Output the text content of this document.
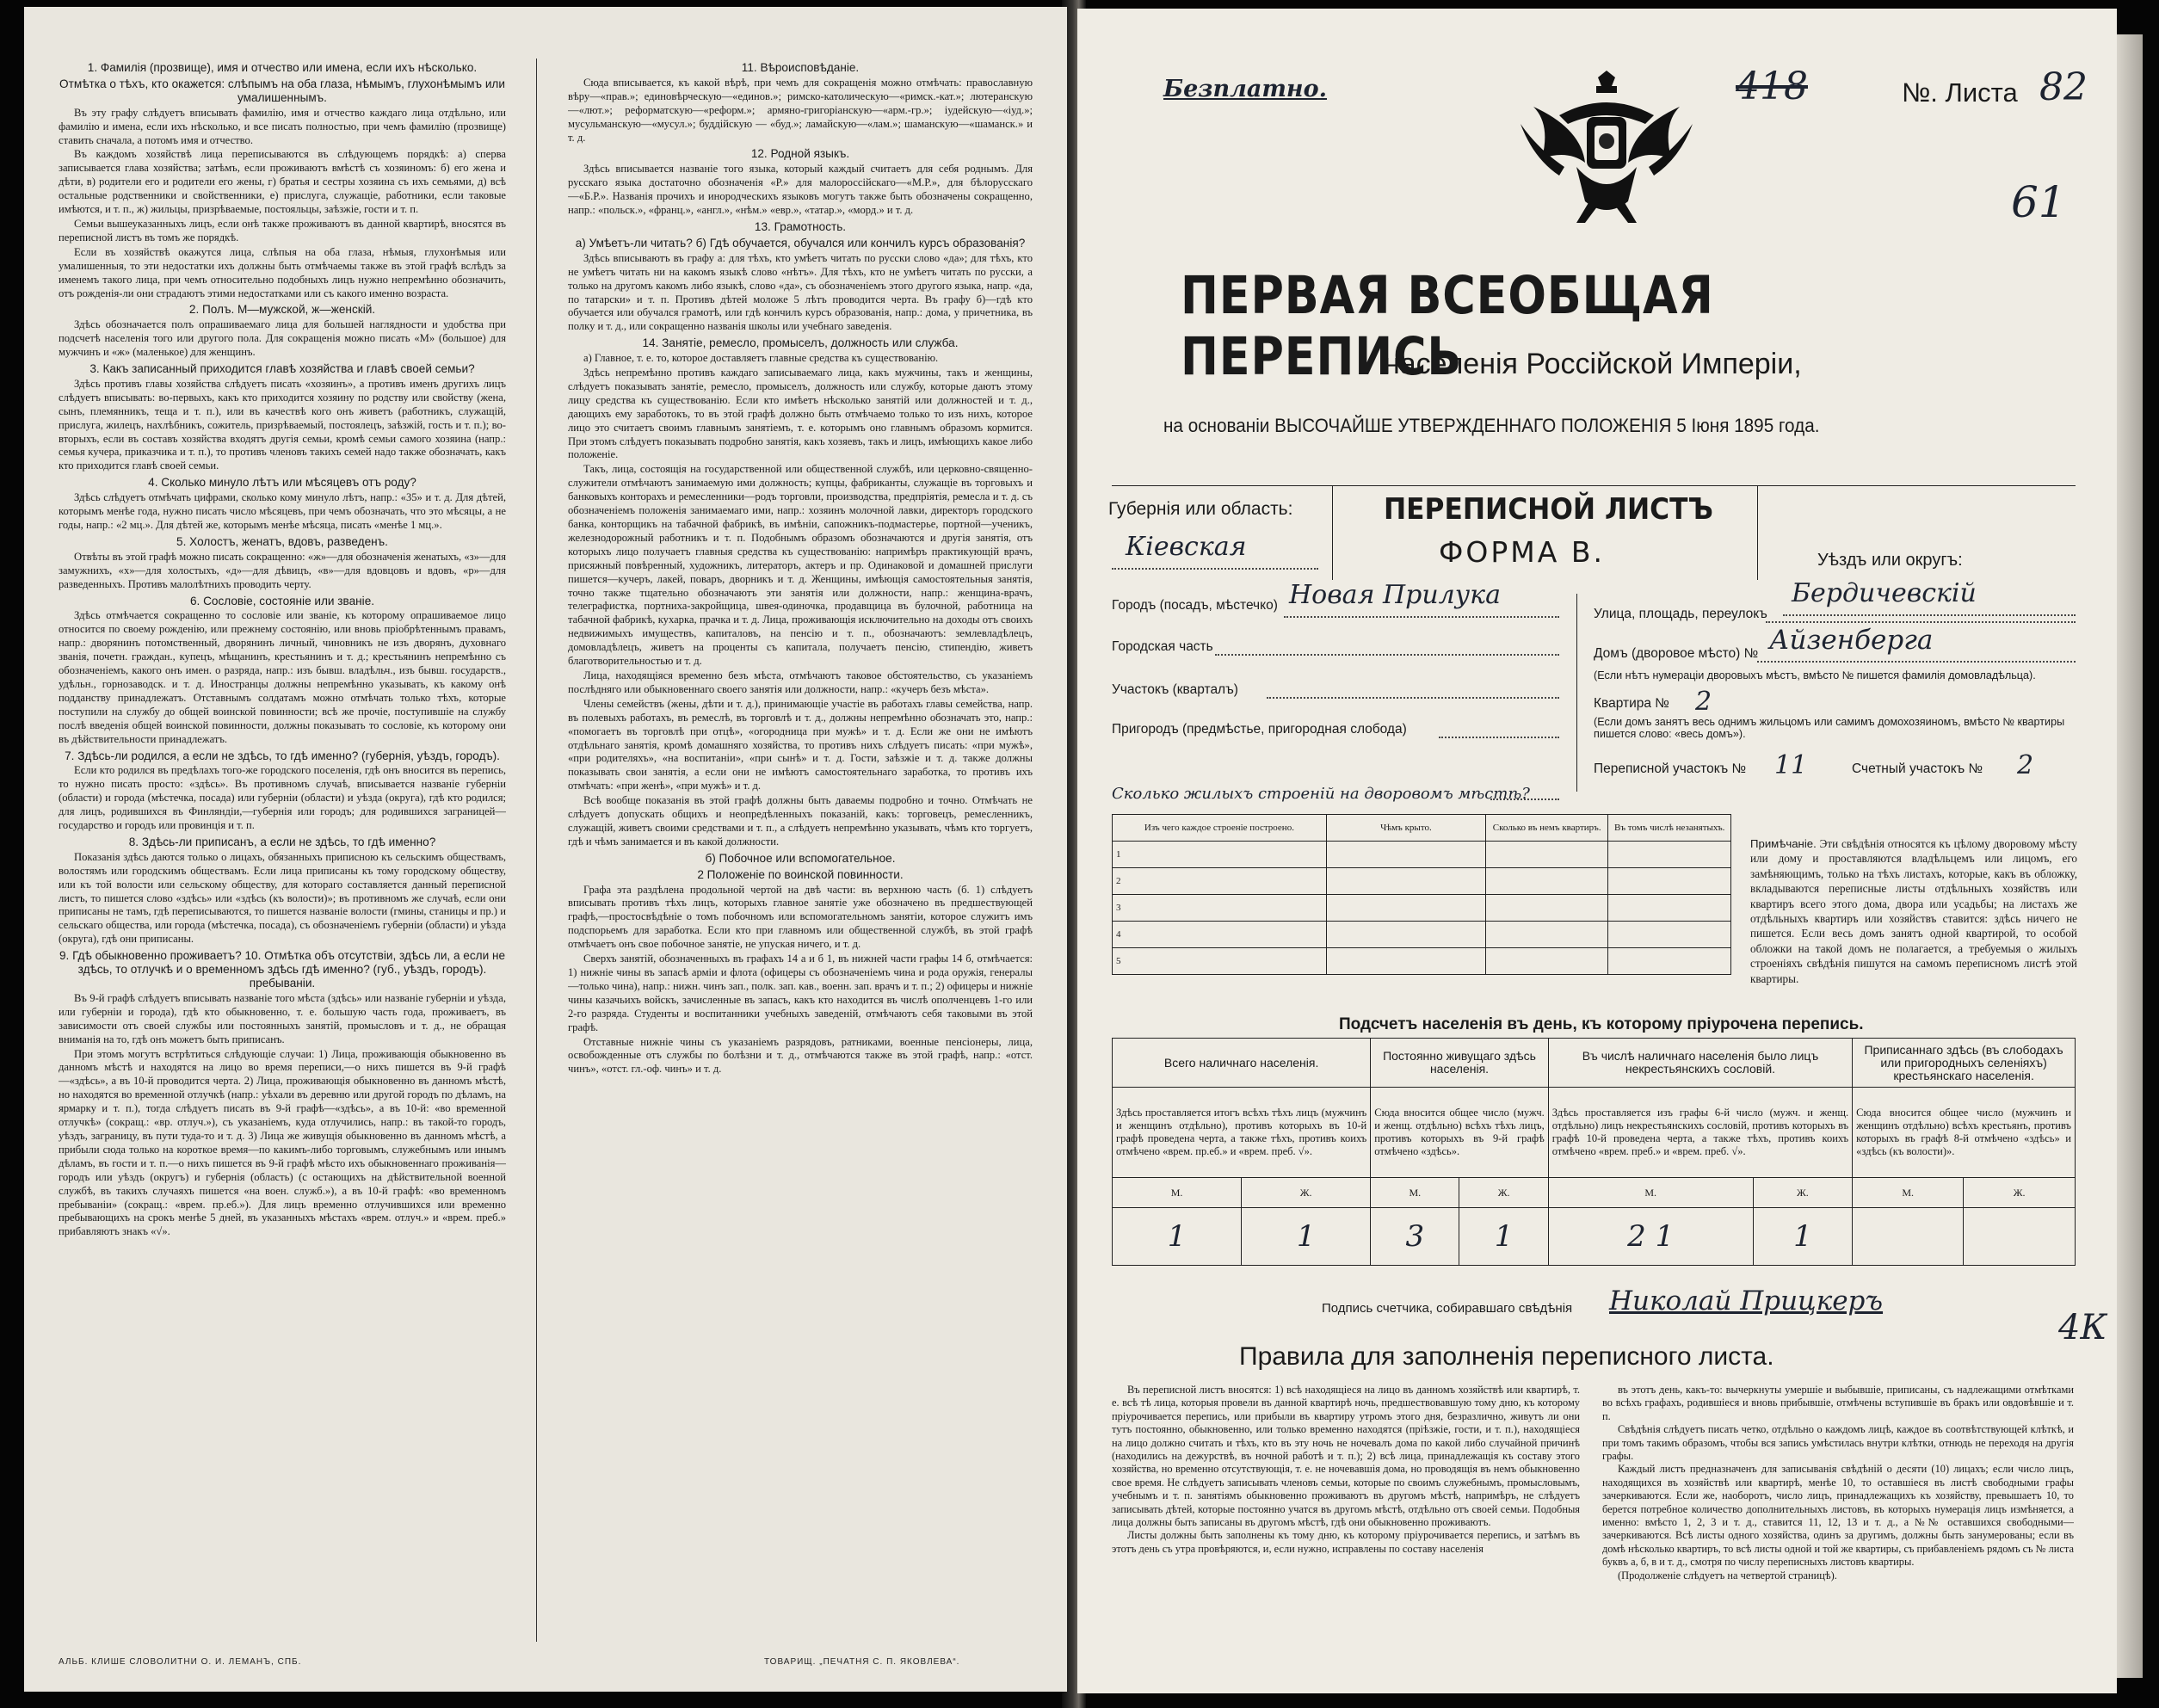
1. Фамилія (прозвище), имя и отчество или имена, если ихъ нѣсколько.

Отмѣтка о тѣхъ, кто окажется: слѣпымъ на оба глаза, нѣмымъ, глухонѣмымъ или умалишеннымъ.

Въ эту графу слѣдуетъ вписывать фамилію, имя и отчество каждаго лица отдѣльно, или фамилію и имена, если ихъ нѣсколько, и все писать полностью, при чемъ фамилію (прозвище) ставить сначала, а потомъ имя и отчество.

Въ каждомъ хозяйствѣ лица переписываются въ слѣдующемъ порядкѣ: а) сперва записывается глава хозяйства; затѣмъ, если проживаютъ вмѣстѣ съ хозяиномъ: б) его жена и дѣти, в) родители его и родители его жены, г) братья и сестры хозяина съ ихъ семьями, д) всѣ остальные родственники и свойственники, е) прислуга, служащіе, работники, если таковые имѣются, и т. п., ж) жильцы, призрѣваемые, постояльцы, заѣзжіе, гости и т. п.

Семьи вышеуказанныхъ лицъ, если онѣ также проживаютъ въ данной квартирѣ, вносятся въ переписной листъ въ томъ же порядкѣ.

Если въ хозяйствѣ окажутся лица, слѣпыя на оба глаза, нѣмыя, глухонѣмыя или умалишенныя, то эти недостатки ихъ должны быть отмѣчаемы также въ этой графѣ вслѣдъ за именемъ такого лица, при чемъ относительно подобныхъ лицъ нужно непремѣнно обозначить, отъ рожденія-ли они страдаютъ этими недостатками или съ какого именно возраста.

2. Полъ. М—мужской, ж—женскій.

Здѣсь обозначается полъ опрашиваемаго лица для большей наглядности и удобства при подсчетѣ населенія того или другого пола. Для сокращенія можно писать «М» (большое) для мужчинъ и «ж» (маленькое) для женщинъ.

3. Какъ записанный приходится главѣ хозяйства и главѣ своей семьи?

Здѣсь противъ главы хозяйства слѣдуетъ писать «хозяинъ», а противъ именъ другихъ лицъ слѣдуетъ вписывать: во-первыхъ, какъ кто приходится хозяину по родству или свойству (жена, сынъ, племянникъ, теща и т. п.), или въ качествѣ кого онъ живетъ (работникъ, служащій, прислуга, жилецъ, нахлѣбникъ, сожитель, призрѣваемый, постоялецъ, заѣзжій, гость и т. п.); во-вторыхъ, если въ составъ хозяйства входятъ другія семьи, кромѣ семьи самого хозяина (напр.: семья кучера, приказчика и т. п.), то противъ членовъ такихъ семей надо также обозначать, какъ кто приходится главѣ своей семьи.

4. Сколько минуло лѣтъ или мѣсяцевъ отъ роду?

Здѣсь слѣдуетъ отмѣчать цифрами, сколько кому минуло лѣтъ, напр.: «35» и т. д. Для дѣтей, которымъ менѣе года, нужно писать число мѣсяцевъ, при чемъ обозначать, что это мѣсяцы, а не годы, напр.: «2 мц.». Для дѣтей же, которымъ менѣе мѣсяца, писать «менѣе 1 мц.».

5. Холостъ, женатъ, вдовъ, разведенъ.

Отвѣты въ этой графѣ можно писать сокращенно: «ж»—для обозначенія женатыхъ, «з»—для замужнихъ, «х»—для холостыхъ, «д»—для дѣвицъ, «в»—для вдовцовъ и вдовъ, «р»—для разведенныхъ. Противъ малолѣтнихъ проводить черту.

6. Сословіе, состояніе или званіе.

Здѣсь отмѣчается сокращенно то сословіе или званіе, къ которому опрашиваемое лицо относится по своему рожденію, или прежнему состоянію, или вновь пріобрѣтеннымъ правамъ, напр.: дворянинъ потомственный, дворянинъ личный, чиновникъ не изъ дворянъ, духовнаго званія, почетн. граждан., купецъ, мѣщанинъ, крестьянинъ и т. д.; крестьянинъ непремѣнно съ обозначеніемъ, какого онъ имен. о разряда, напр.: изъ бывш. владѣльч., изъ бывш. государств., удѣльн., горнозаводск. и т. д. Иностранцы должны непремѣнно указывать, къ какому онѣ подданству принадлежатъ. Отставнымъ солдатамъ можно отмѣчать только тѣхъ, которые поступили на службу до общей воинской повинности; всѣ же прочіе, поступившіе на службу послѣ введенія общей воинской повинности, должны показывать то сословіе, къ которому они въ дѣйствительности принадлежатъ.

7. Здѣсь-ли родился, а если не здѣсь, то гдѣ именно? (губернія, уѣздъ, городъ).

Если кто родился въ предѣлахъ того-же городского поселенія, гдѣ онъ вносится въ перепись, то нужно писать просто: «здѣсь». Въ противномъ случаѣ, вписывается названіе губерніи (области) и городa (мѣстечка, посада) или губерніи (области) и уѣзда (округа), гдѣ кто родился; для лицъ, родившихся въ Финляндіи,—губернія или городъ; для родившихся заграницей—государство и городъ или провинція и т. п.

8. Здѣсь-ли приписанъ, а если не здѣсь, то гдѣ именно?

Показанія здѣсь даются только о лицахъ, обязанныхъ приписною къ сельскимъ обществамъ, волостямъ или городскимъ обществамъ. Если лица приписаны къ тому городскому обществу, или къ той волости или сельскому обществу, для котораго составляется данный переписной листъ, то пишется слово «здѣсь» или «здѣсь (къ волости)»; въ противномъ же случаѣ, если они приписаны не тамъ, гдѣ переписываются, то пишется названіе волости (гмины, станицы и пр.) и сельскаго общества, или города (мѣстечка, посада), съ обозначеніемъ губерніи (области) и уѣзда (округа), гдѣ они приписаны.

9. Гдѣ обыкновенно проживаетъ? 10. Отмѣтка объ отсутствіи, здѣсь ли, а если не здѣсь, то отлучкѣ и о временномъ здѣсь гдѣ именно? (губ., уѣздъ, городъ). пребываніи.

Въ 9-й графѣ слѣдуетъ вписывать названіе того мѣста (здѣсь» или названіе губерніи и уѣзда, или губерніи и города), гдѣ кто обыкновенно, т. е. большую часть года, проживаетъ, въ зависимости отъ своей службы или постоянныхъ занятій, промысловъ и т. д., не обращая вниманія на то, гдѣ онъ можетъ быть приписанъ.

При этомъ могутъ встрѣтиться слѣдующіе случаи: 1) Лица, проживающія обыкновенно въ данномъ мѣстѣ и находятся на лицо во время переписи,—о нихъ пишется въ 9-й графѣ—«здѣсь», а въ 10-й проводится черта. 2) Лица, проживающія обыкновенно въ данномъ мѣстѣ, но находятся во временной отлучкѣ (напр.: уѣхали въ деревню или другой городъ по дѣламъ, на ярмарку и т. п.), тогда слѣдуетъ писать въ 9-й графѣ—«здѣсь», а въ 10-й: «во временной отлучкѣ» (сокращ.: «вр. отлуч.»), съ указаніемъ, куда отлучились, напр.: въ такой-то городъ, уѣздъ, заграницу, въ пути туда-то и т. д. 3) Лица же живущія обыкновенно въ данномъ мѣстѣ, а прибыли сюда только на короткое время—по какимъ-либо торговымъ, служебнымъ или инымъ дѣламъ, въ гости и т. п.—о нихъ пишется въ 9-й графѣ мѣсто ихъ обыкновеннаго проживанія—городъ или уѣздъ (округъ) и губернія (область) (с остающихъ на дѣйствительной военной службѣ, въ такихъ случаяхъ пишется «на воен. служб.»), а въ 10-й графѣ: «во временномъ пребываніи» (сокращ.: «врем. пр.еб.»). Для лицъ временно отлучившихся или временно пребывающихъ на срокъ менѣе 5 дней, въ указанныхъ мѣстахъ «врем. отлуч.» и «врем. преб.» прибавляютъ знакъ «√».

11. Вѣроисповѣданіе.

Сюда вписывается, къ какой вѣрѣ, при чемъ для сокращенія можно отмѣчать: православную вѣру—«прав.»; единовѣрческую—«единов.»; римско-католическую—«римск.-кат.»; лютеранскую—«лют.»; реформатскую—«реформ.»; армяно-григоріанскую—«арм.-гр.»; іудейскую—«іуд.»; мусульманскую—«мусул.»; буддійскую — «буд.»; ламайскую—«лам.»; шаманскую—«шаманск.» и т. д.

12. Родной языкъ.

Здѣсь вписывается названіе того языка, который каждый считаетъ для себя роднымъ. Для русскаго языка достаточно обозначенія «Р.» для малороссійскаго—«М.Р.», для бѣлорусскаго—«Б.Р.». Названія прочихъ и инородческихъ языковъ могутъ также быть обозначены сокращенно, напр.: «польск.», «франц.», «англ.», «нѣм.» «евр.», «татар.», «морд.» и т. д.

13. Грамотность.

а) Умѣетъ-ли читать? б) Гдѣ обучается, обучался или кончилъ курсъ образованія?

Здѣсь вписываютъ въ графу а: для тѣхъ, кто умѣетъ читать по русски слово «да»; для тѣхъ, кто не умѣетъ читать ни на какомъ языкѣ слово «нѣтъ». Для тѣхъ, кто не умѣетъ читать по русски, а только на другомъ какомъ либо языкѣ, слово «да», съ обозначеніемъ этого другого языка, напр. «да, по татарски» и т. п. Противъ дѣтей моложе 5 лѣтъ проводится черта. Въ графу б)—гдѣ кто обучается или обучался грамотѣ, или гдѣ кончилъ курсъ образованія, напр.: дома, у причетника, въ полку и т. д., или сокращенно названія школы или учебнаго заведенія.

14. Занятіе, ремесло, промыселъ, должность или служба.

а) Главное, т. е. то, которое доставляетъ главные средства къ существованію.

Здѣсь непремѣнно противъ каждаго записываемаго лица, какъ мужчины, такъ и женщины, слѣдуетъ показывать занятіе, ремесло, промыселъ, должность или службу, которые даютъ этому лицу средства къ существованію. Если кто имѣетъ нѣсколько занятій или должностей и т. д., дающихъ ему заработокъ, то въ этой графѣ должно быть отмѣчаемо только то изъ нихъ, которое лицо это считаетъ своимъ главнымъ занятіемъ, т. е. которымъ оно главнымъ образомъ кормится. При этомъ слѣдуетъ показывать подробно занятія, какъ хозяевъ, такъ и лицъ, имѣющихъ какое либо положеніе.

Такъ, лица, состоящія на государственной или общественной службѣ, или церковно-священно-служители отмѣчаютъ занимаемую ими должность; купцы, фабриканты, служащіе въ торговыхъ и банковыхъ конторахъ и ремесленники—родъ торговли, производства, предпріятія, ремесла и т. д. съ обозначеніемъ положенія занимаемаго ими, напр.: хозяинъ молочной лавки, директоръ городского банка, конторщикъ на табачной фабрикѣ, въ имѣніи, сапожникъ-подмастерье, портной—ученикъ, железнодорожный работникъ и т. п. Подобнымъ образомъ обозначаются и другія занятія, отъ которыхъ лицо получаетъ главныя средства къ существованію: напримѣръ практикующій врачъ, присяжный повѣренный, художникъ, литераторъ, актеръ и пр. Одинаковой и домашней прислуги пишется—кучеръ, лакей, поваръ, дворникъ и т. д. Женщины, имѣющія самостоятельныя занятія, точно также тщательно обозначаютъ эти занятія или должности, напр.: женщина-врачъ, телеграфистка, портниха-закройщица, швея-одиночка, продавщица въ булочной, работница на табачной фабрикѣ, кухарка, прачка и т. д. Лица, проживающія исключительно на доходы отъ своихъ недвижимыхъ имуществъ, капиталовъ, на пенсію и т. п., обозначаютъ: землевладѣлецъ, домовладѣлецъ, живетъ на проценты съ капитала, получаетъ пенсію, стипендію, живетъ благотворительностью и т. д.

Лица, находящіяся временно безъ мѣста, отмѣчаютъ таковое обстоятельство, съ указаніемъ послѣдняго или обыкновеннаго своего занятія или должности, напр.: «кучеръ безъ мѣста».

Члены семействъ (жены, дѣти и т. д.), принимающіе участіе въ работахъ главы семейства, напр. въ полевыхъ работахъ, въ ремеслѣ, въ торговлѣ и т. д., должны непремѣнно обозначать это, напр.: «помогаетъ въ торговлѣ при отцѣ», «огородница при мужѣ» и т. д. Если же они не имѣютъ отдѣльнаго занятія, кромѣ домашняго хозяйства, то противъ нихъ слѣдуетъ писать: «при мужѣ», «при родителяхъ», «на воспитаніи», «при сынѣ» и т. д. Гости, заѣзжіе и т. д. также должны показывать свои занятія, а если они не имѣютъ самостоятельнаго заработка, то противъ ихъ отмѣчать: «при женѣ», «при мужѣ» и т. д.

Всѣ вообще показанія въ этой графѣ должны быть даваемы подробно и точно. Отмѣчать не слѣдуетъ допускать общихъ и неопредѣленныхъ показаній, какъ: торговецъ, ремесленникъ, служащій, живетъ своими средствами и т. п., а слѣдуетъ непремѣнно указывать, чѣмъ кто торгуетъ, гдѣ и чѣмъ занимается и въ какой должности.

б) Побочное или вспомогательное.

2 Положеніе по воинской повинности.

Графа эта раздѣлена продольной чертой на двѣ части: въ верхнюю часть (б. 1) слѣдуетъ вписывать противъ тѣхъ лицъ, которыхъ главное занятіе уже обозначено въ предшествующей графѣ,—простосвѣдѣніе о томъ побочномъ или вспомогательномъ занятіи, которое служитъ имъ подспорьемъ для заработка. Если кто при главномъ или общественной службѣ, въ этой графѣ отмѣчаетъ онъ свое побочное занятіе, не упуская ничего, и т. д.

Сверхъ занятій, обозначенныхъ въ графахъ 14 а и б 1, въ нижней части графы 14 б, отмѣчается: 1) нижніе чины въ запасѣ арміи и флота (офицеры съ обозначеніемъ чина и рода оружія, генералы—только чина), напр.: нижн. чинъ зап., полк. зап. кав., военн. зап. врачъ и т. п.; 2) офицеры и нижніе чины казачьихъ войскъ, зачисленные въ запасъ, какъ кто находится въ числѣ ополченцевъ 1-го или 2-го разряда. Студенты и воспитанники учебныхъ заведеній, отмѣчаютъ себя таковыми въ этой графѣ.

Отставные нижніе чины съ указаніемъ разрядовъ, ратниками, военные пенсіонеры, лица, освобожденные отъ службы по болѣзни и т. д., отмѣчаются также въ этой графѣ, напр.: «отст. чинъ», «отст. гл.-оф. чинъ» и т. д.

АЛЬБ. КЛИШЕ СЛОВОЛИТНИ О. И. ЛЕМАНЪ, СПБ.	ТОВАРИЩ. „ПЕЧАТНЯ С. П. ЯКОВЛЕВА“.
Безплатно.	418	№. Листа 82
61
ПЕРВАЯ ВСЕОБЩАЯ ПЕРЕПИСЬ
населенія Россійской Имперіи,
на основаніи ВЫСОЧАЙШЕ УТВЕРЖДЕННАГО ПОЛОЖЕНІЯ 5 Іюня 1895 года.
Губернія или область:
Кіевская
ПЕРЕПИСНОЙ ЛИСТЪ
ФОРМА В.	Уѣздъ или округъ:
Бердичевскій
Городъ (посадъ, мѣстечко) Новая Прилука
Городская часть
Участокъ (кварталъ)
Пригородъ (предмѣстье, пригородная слобода)
Улица, площадь, переулокъ
Домъ (дворовое мѣсто) № Айзенберга
(Если нѣтъ нумераціи дворовыхъ мѣстъ, вмѣсто № пишется фамилія домовладѣльца).
Квартира № 2
(Если домъ занятъ весь однимъ жильцомъ или самимъ домохозяиномъ, вмѣсто № квартиры пишется слово: «весь домъ»).
Переписной участокъ № 11	Счетный участокъ № 2
Сколько жилыхъ строеній на дворовомъ мѣстѣ?
Изъ чего каждое строеніе построено.	Чѣмъ крыто.	Сколько въ немъ квартиръ.	Въ томъ числѣ незанятыхъ.
1			
2			
3			
4			
5			
Примѣчаніе. Эти свѣдѣнія относятся къ цѣлому дворовому мѣсту или дому и проставляются владѣльцемъ или лицомъ, его замѣняющимъ, только на тѣхъ листахъ, которые, какъ въ обложку, вкладываются переписные листы отдѣльныхъ хозяйствъ или квартиръ всего этого дома, двора или усадьбы; на листахъ же отдѣльныхъ квартиръ или хозяйствъ ставится: здѣсь ничего не пишется. Если весь домъ занятъ одной квартирой, то особой обложки на такой домъ не полагается, а требуемыя о жилыхъ строеніяхъ свѣдѣнія пишутся на самомъ переписномъ листѣ этой квартиры.
Подсчетъ населенія въ день, къ которому пріурочена перепись.
Всего наличнаго населенія.		Постоянно живущаго здѣсь населенія.		Въ числѣ наличнаго населенія было лицъ некрестьянскихъ сословій.		Приписаннаго здѣсь (въ слободахъ или пригородныхъ селеніяхъ) крестьянскаго населенія.	
Здѣсь проставляется итогъ всѣхъ тѣхъ лицъ (мужчинъ и женщинъ отдѣльно), противъ которыхъ въ 10-й графѣ проведена черта, а также тѣхъ, противъ коихъ отмѣчено «врем. пр.еб.» и «врем. преб. √».		Сюда вносится общее число (мужч. и женщ. отдѣльно) всѣхъ тѣхъ лицъ, противъ которыхъ въ 9-й графѣ отмѣчено «здѣсь».		Здѣсь проставляется изъ графы 6-й число (мужч. и женщ. отдѣльно) лицъ некрестьянскихъ сословій, противъ которыхъ въ графѣ 10-й проведена черта, а также тѣхъ, противъ коихъ отмѣчено «врем. преб.» и «врем. преб. √».		Сюда вносится общее число (мужчинъ и женщинъ отдѣльно) всѣхъ крестьянъ, противъ которыхъ въ графѣ 8-й отмѣчено «здѣсь» и «здѣсь (къ волости)».	
М.	Ж.	М.	Ж.	М.	Ж.	М.	Ж.
1	1	3	1	2 1	1		
Подпись счетчика, собиравшаго свѣдѣнія Николай Прицкеръ
4К
Правила для заполненія переписного листа.

Въ переписной листъ вносятся: 1) всѣ находящіеся на лицо въ данномъ хозяйствѣ или квартирѣ, т. е. всѣ тѣ лица, которыя провели въ данной квартирѣ ночь, предшествовавшую тому дню, къ которому пріурочивается перепись, или прибыли въ квартиру утромъ этого дня, безразлично, живутъ ли они тутъ постоянно, обыкновенно, или только временно находятся (пріѣзжіе, гости, и т. п.), находящіеся на лицо должно считать и тѣхъ, кто въ эту ночь не ночевалъ дома по какой либо случайной причинѣ (находились на дежурствѣ, въ ночной работѣ и т. п.); 2) всѣ лица, принадлежащія къ составу этого хозяйства, но временно отсутствующія, т. е. не ночевавшія дома, но проводящія въ немъ обыкновенно свое время. Не слѣдуетъ записывать членовъ семьи, которые по своимъ служебнымъ, промысловымъ, учебнымъ и т. п. занятіямъ обыкновенно проживаютъ въ другомъ мѣстѣ, напримѣръ, не слѣдуетъ записывать дѣтей, которые постоянно учатся въ другомъ мѣстѣ, отдѣльно отъ своей семьи. Подобныя лица должны быть записаны въ другомъ мѣстѣ, гдѣ они обыкновенно проживаютъ.

Листы должны быть заполнены къ тому дню, къ которому пріурочивается перепись, и затѣмъ въ этотъ день съ утра провѣряются, и, если нужно, исправлены по составу населенія

въ этотъ день, какъ-то: вычеркнуты умершіе и выбывшіе, приписаны, съ надлежащими отмѣтками во всѣхъ графахъ, родившіеся и вновь прибывшіе, отмѣчены вступившіе въ бракъ или овдовѣвшіе и т. п.

Свѣдѣнія слѣдуетъ писать четко, отдѣльно о каждомъ лицѣ, каждое въ соотвѣтствующей клѣткѣ, и при томъ такимъ образомъ, чтобы вся запись умѣстилась внутри клѣтки, отнюдь не переходя на другія графы.

Каждый листъ предназначенъ для записыванія свѣдѣній о десяти (10) лицахъ; если число лицъ, находящихся въ хозяйствѣ или квартирѣ, менѣе 10, то оставшіеся въ листѣ свободными графы зачеркиваются. Если же, наоборотъ, число лицъ, принадлежащихъ къ хозяйству, превышаетъ 10, то берется потребное количество дополнительныхъ листовъ, въ которыхъ нумерація лицъ измѣняется, а именно: вмѣсто 1, 2, 3 и т. д., ставится 11, 12, 13 и т. д., а №№ оставшихся свободными—зачеркиваются. Всѣ листы одного хозяйства, одинъ за другимъ, должны быть занумерованы; если въ домѣ нѣсколько квартиръ, то всѣ листы одной и той же квартиры, съ прибавленіемъ рядомъ съ № листа буквъ а, б, в и т. д., смотря по числу переписныхъ листовъ квартиры.

(Продолженіе слѣдуетъ на четвертой страницѣ).
